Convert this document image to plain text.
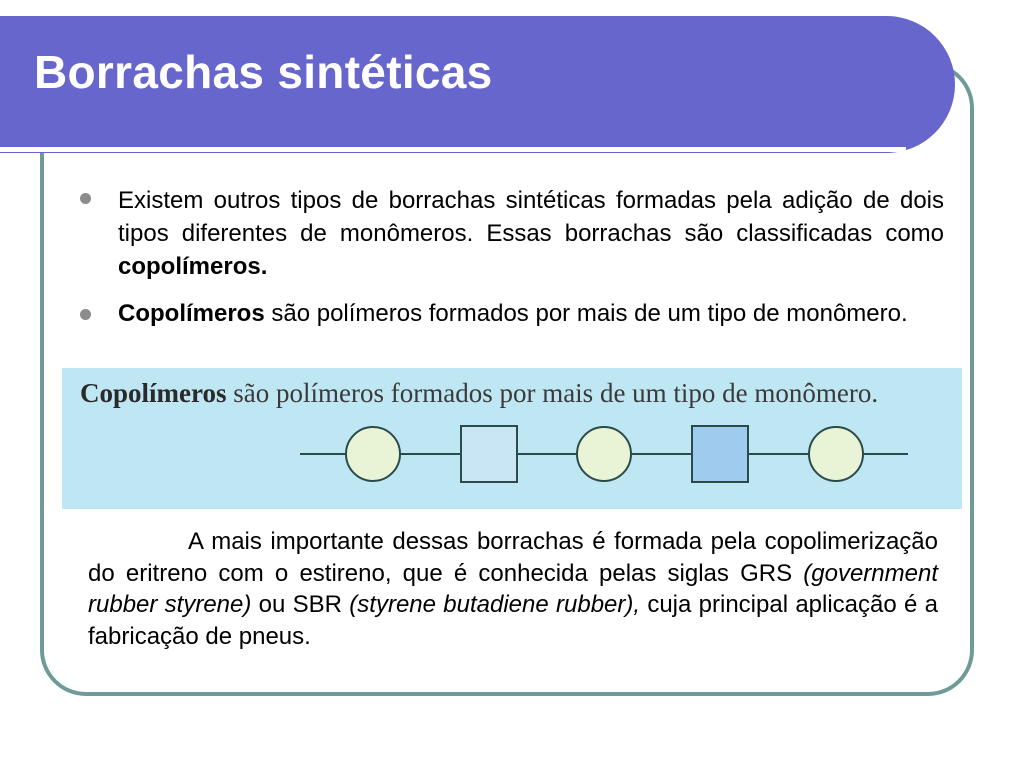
Borrachas sintéticas

Existem outros tipos de borrachas sintéticas formadas pela adição de dois tipos diferentes de monômeros. Essas borrachas são classificadas como copolímeros.

Copolímeros são polímeros formados por mais de um tipo de monômero.

Copolímeros são polímeros formados por mais de um tipo de monômero.

A mais importante dessas borrachas é formada pela copolimerização do eritreno com o estireno, que é conhecida pelas siglas GRS (government rubber styrene) ou SBR (styrene butadiene rubber), cuja principal aplicação é a fabricação de pneus.
